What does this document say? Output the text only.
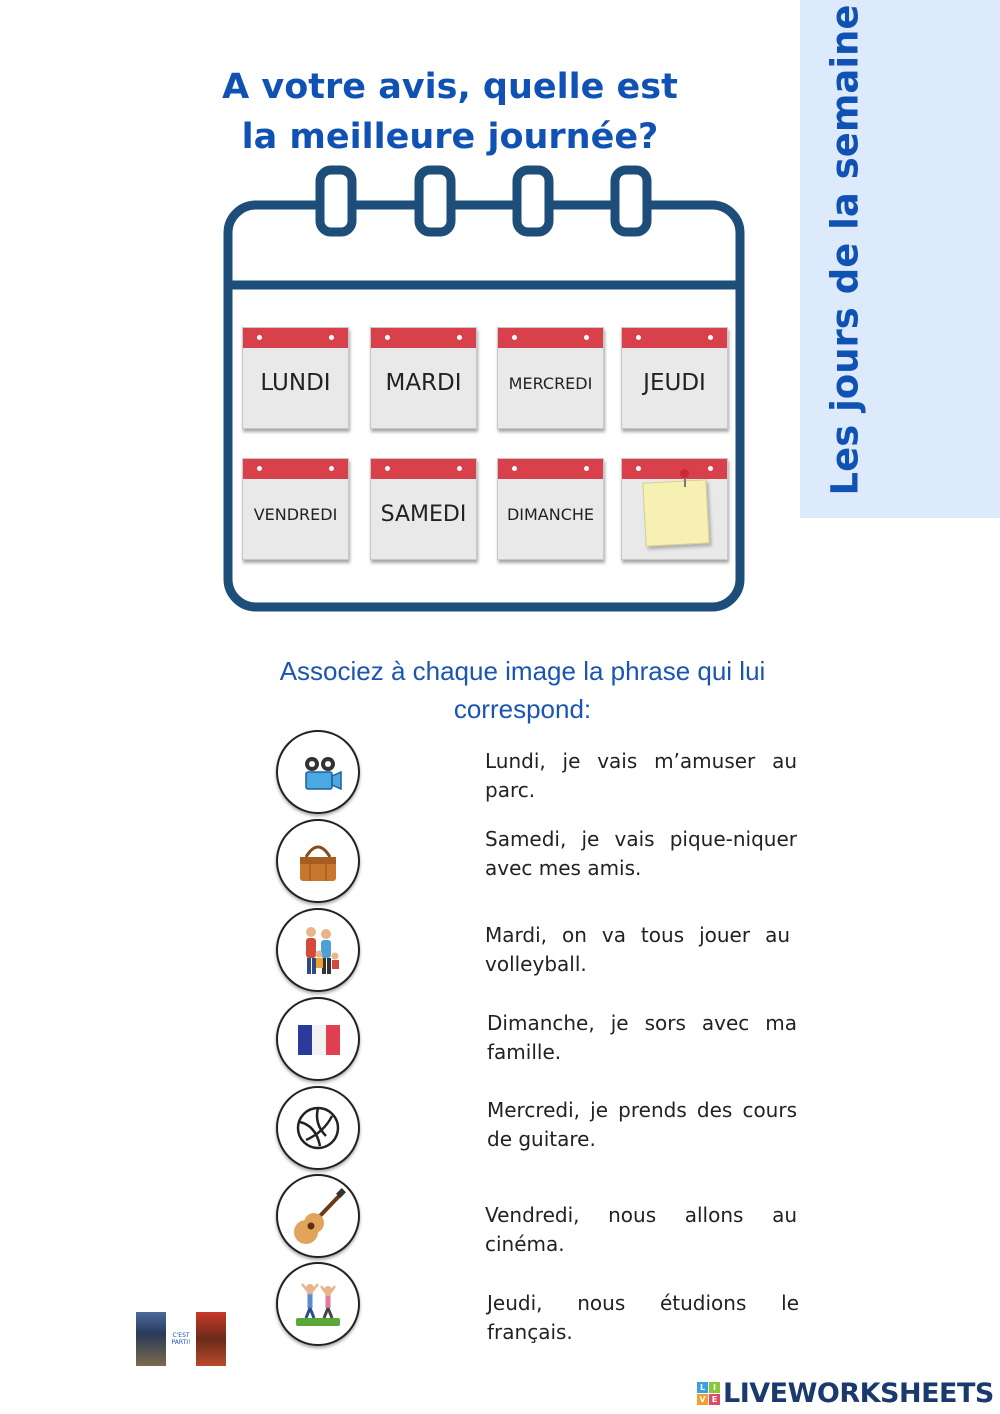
Les jours de la semaine
A votre avis, quelle est la meilleure journée?
LUNDI	MARDI	MERCREDI	JEUDI
VENDREDI	SAMEDI	DIMANCHE
Associez à chaque image la phrase qui lui correspond:
Lundi, je vais m’amuser au parc.
Samedi, je vais pique-niquer avec mes amis.
Mardi, on va tous jouer au volleyball.
Dimanche, je sors avec ma famille.
Mercredi, je prends des cours de guitare.
Vendredi, nous allons au cinéma.
Jeudi, nous étudions le français.
C'EST PARTI!
L I
V E LIVEWORKSHEETS
